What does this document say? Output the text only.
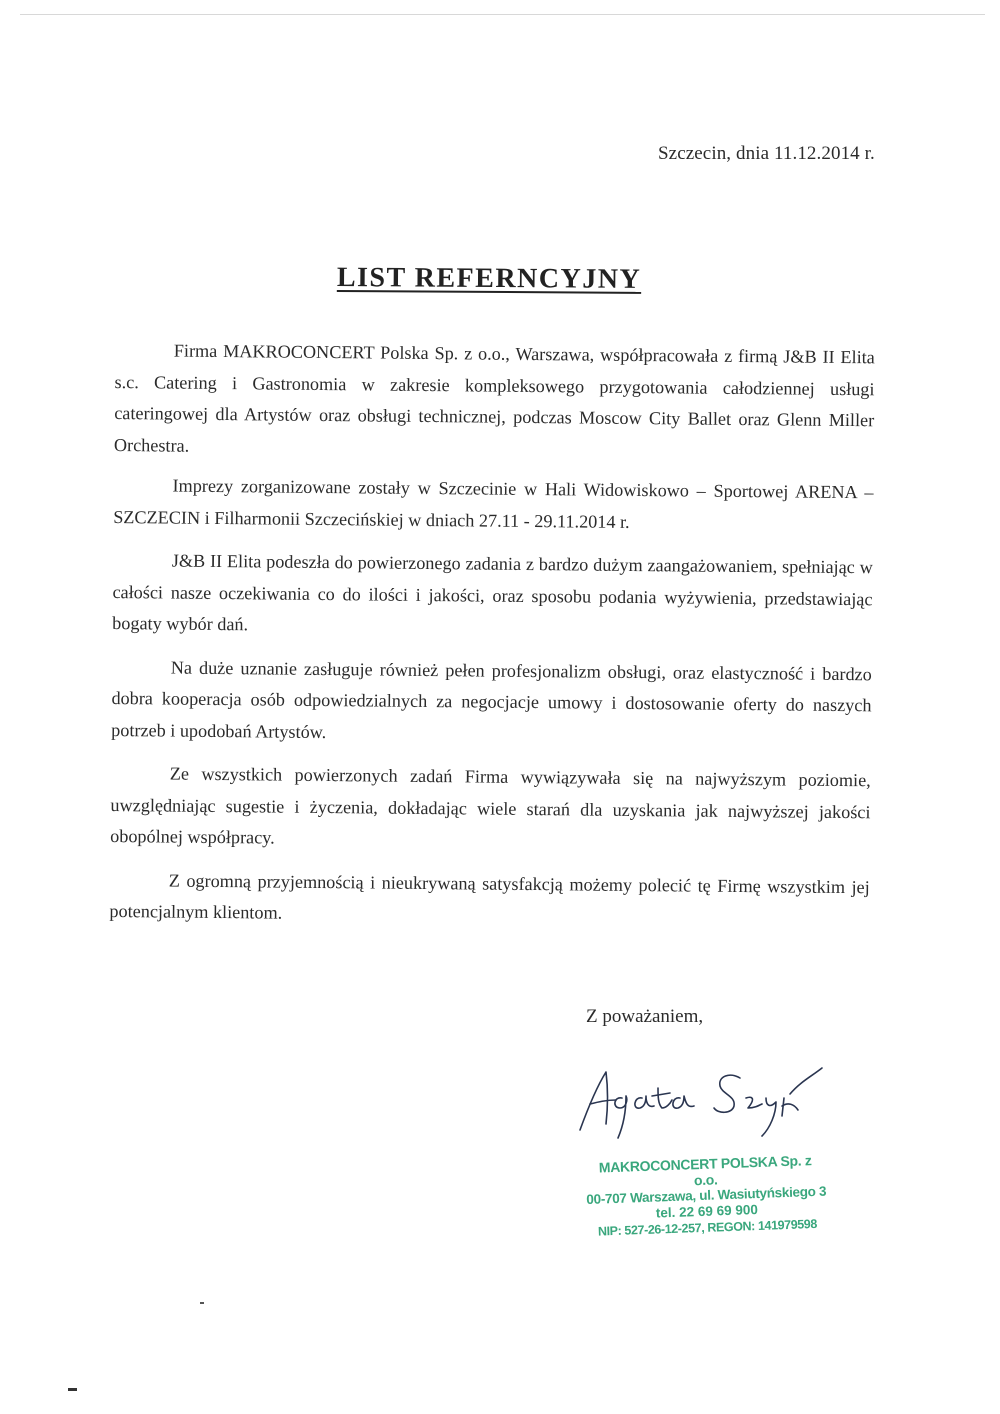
Szczecin, dnia 11.12.2014 r.
LIST REFERNCYJNY

Firma MAKROCONCERT Polska Sp. z o.o., Warszawa, współpracowała z firmą J&B II Elita s.c. Catering i Gastronomia w zakresie kompleksowego przygotowania całodziennej usługi cateringowej dla Artystów oraz obsługi technicznej, podczas Moscow City Ballet oraz Glenn Miller Orchestra.

Imprezy zorganizowane zostały w Szczecinie w Hali Widowiskowo – Sportowej ARENA – SZCZECIN i Filharmonii Szczecińskiej w dniach 27.11 - 29.11.2014 r.

J&B II Elita podeszła do powierzonego zadania z bardzo dużym zaangażowaniem, spełniając w całości nasze oczekiwania co do ilości i jakości, oraz sposobu podania wyżywienia, przedstawiając bogaty wybór dań.

Na duże uznanie zasługuje również pełen profesjonalizm obsługi, oraz elastyczność i bardzo dobra kooperacja osób odpowiedzialnych za negocjacje umowy i dostosowanie oferty do naszych potrzeb i upodobań Artystów.

Ze wszystkich powierzonych zadań Firma wywiązywała się na najwyższym poziomie, uwzględniając sugestie i życzenia, dokładając wiele starań dla uzyskania jak najwyższej jakości obopólnej współpracy.

Z ogromną przyjemnością i nieukrywaną satysfakcją możemy polecić tę Firmę wszystkim jej potencjalnym klientom.

Z poważaniem,
MAKROCONCERT POLSKA Sp. z o.o.
00-707 Warszawa, ul. Wasiutyńskiego 3
tel. 22 69 69 900
NIP: 527-26-12-257, REGON: 141979598
